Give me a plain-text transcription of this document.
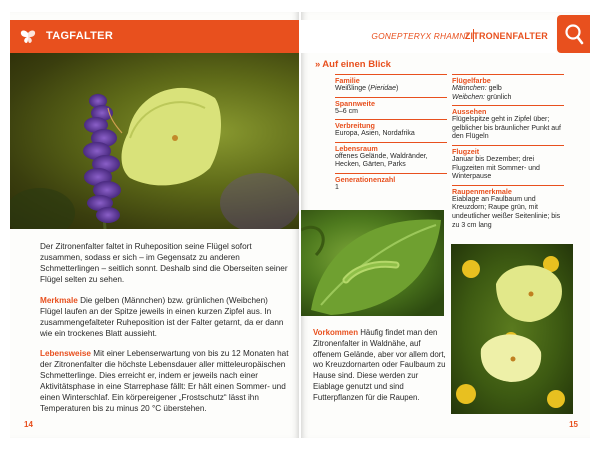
TAGFALTER

Der Zitronenfalter faltet in Ruheposition seine Flügel sofort zusammen, sodass er sich – im Gegensatz zu anderen Schmetterlingen – seitlich sonnt. Deshalb sind die Oberseiten seiner Flügel selten zu sehen.

Merkmale Die gelben (Männchen) bzw. grünlichen (Weibchen) Flügel laufen an der Spitze jeweils in einen kurzen Zipfel aus. In zusammengefalteter Ruheposition ist der Falter getarnt, da er dann wie ein trockenes Blatt aussieht.

Lebensweise Mit einer Lebenserwartung von bis zu 12 Monaten hat der Zitronenfalter die höchste Lebensdauer aller mitteleuropäischen Schmetterlinge. Dies erreicht er, indem er jeweils nach einer Aktivitätsphase in eine Starrephase fällt: Er hält einen Sommer- und einen Winterschlaf. Ein körpereigener „Frostschutz“ lässt ihn Temperaturen bis zu minus 20 °C überstehen.

14
GONEPTERYX RHAMNI
ZITRONENFALTER
» Auf einen Blick
Familie
Weißlinge (Pieridae)
Spannweite
5–6 cm
Verbreitung
Europa, Asien, Nordafrika
Lebensraum
offenes Gelände, Waldränder, Hecken, Gärten, Parks
Generationenzahl
1
Flügelfarbe
Männchen: gelb
Weibchen: grünlich
Aussehen
Flügelspitze geht in Zipfel über; gelblicher bis bräunlicher Punkt auf den Flügeln
Flugzeit
Januar bis Dezember; drei Flugzeiten mit Sommer- und Winterpause
Raupenmerkmale
Eiablage an Faulbaum und Kreuzdorn; Raupe grün, mit undeutlicher weißer Seitenlinie; bis zu 3 cm lang

Vorkommen Häufig findet man den Zitronenfalter in Waldnähe, auf offenem Gelände, aber vor allem dort, wo Kreuzdornarten oder Faulbaum zu Hause sind. Diese werden zur Eiablage genutzt und sind Futterpflanzen für die Raupen.

15
